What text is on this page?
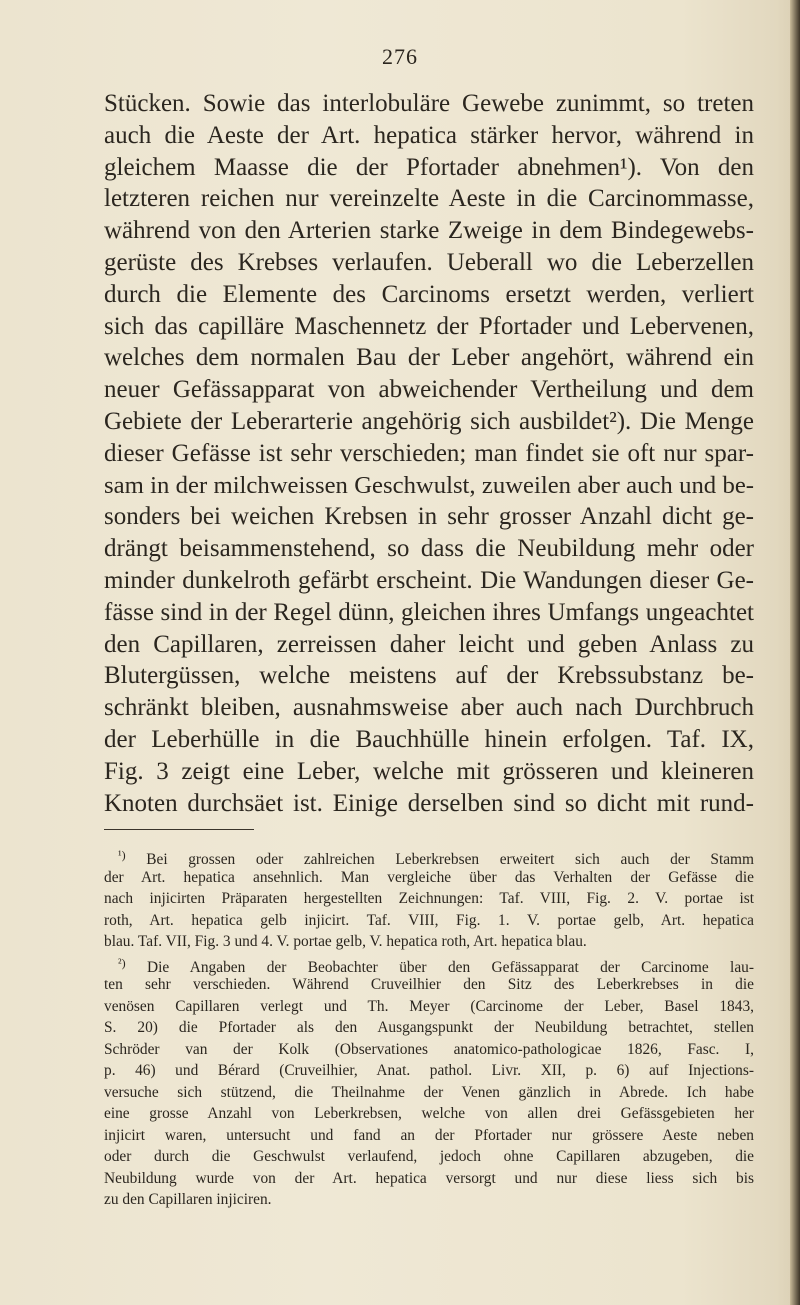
276
Stücken. Sowie das interlobuläre Gewebe zunimmt, so treten
auch die Aeste der Art. hepatica stärker hervor, während in
gleichem Maasse die der Pfortader abnehmen¹). Von den
letzteren reichen nur vereinzelte Aeste in die Carcinommasse,
während von den Arterien starke Zweige in dem Bindegewebs-
gerüste des Krebses verlaufen. Ueberall wo die Leberzellen
durch die Elemente des Carcinoms ersetzt werden, verliert
sich das capilläre Maschennetz der Pfortader und Lebervenen,
welches dem normalen Bau der Leber angehört, während ein
neuer Gefässapparat von abweichender Vertheilung und dem
Gebiete der Leberarterie angehörig sich ausbildet²). Die Menge
dieser Gefässe ist sehr verschieden; man findet sie oft nur spar-
sam in der milchweissen Geschwulst, zuweilen aber auch und be-
sonders bei weichen Krebsen in sehr grosser Anzahl dicht ge-
drängt beisammenstehend, so dass die Neubildung mehr oder
minder dunkelroth gefärbt erscheint. Die Wandungen dieser Ge-
fässe sind in der Regel dünn, gleichen ihres Umfangs ungeachtet
den Capillaren, zerreissen daher leicht und geben Anlass zu
Blutergüssen, welche meistens auf der Krebssubstanz be-
schränkt bleiben, ausnahmsweise aber auch nach Durchbruch
der Leberhülle in die Bauchhülle hinein erfolgen. Taf. IX,
Fig. 3 zeigt eine Leber, welche mit grösseren und kleineren
Knoten durchsäet ist. Einige derselben sind so dicht mit rund-
$^{^1)}$ Bei grossen oder zahlreichen Leberkrebsen erweitert sich auch der Stamm
der Art. hepatica ansehnlich. Man vergleiche über das Verhalten der Gefässe die
nach injicirten Präparaten hergestellten Zeichnungen: Taf. VIII, Fig. 2. V. portae ist
roth, Art. hepatica gelb injicirt. Taf. VIII, Fig. 1. V. portae gelb, Art. hepatica
blau. Taf. VII, Fig. 3 und 4. V. portae gelb, V. hepatica roth, Art. hepatica blau.
$^{^2)}$ Die Angaben der Beobachter über den Gefässapparat der Carcinome lau-
ten sehr verschieden. Während Cruveilhier den Sitz des Leberkrebses in die
venösen Capillaren verlegt und Th. Meyer (Carcinome der Leber, Basel 1843,
S. 20) die Pfortader als den Ausgangspunkt der Neubildung betrachtet, stellen
Schröder van der Kolk (Observationes anatomico-pathologicae 1826, Fasc. I,
p. 46) und Bérard (Cruveilhier, Anat. pathol. Livr. XII, p. 6) auf Injections-
versuche sich stützend, die Theilnahme der Venen gänzlich in Abrede. Ich habe
eine grosse Anzahl von Leberkrebsen, welche von allen drei Gefässgebieten her
injicirt waren, untersucht und fand an der Pfortader nur grössere Aeste neben
oder durch die Geschwulst verlaufend, jedoch ohne Capillaren abzugeben, die
Neubildung wurde von der Art. hepatica versorgt und nur diese liess sich bis
zu den Capillaren injiciren.
